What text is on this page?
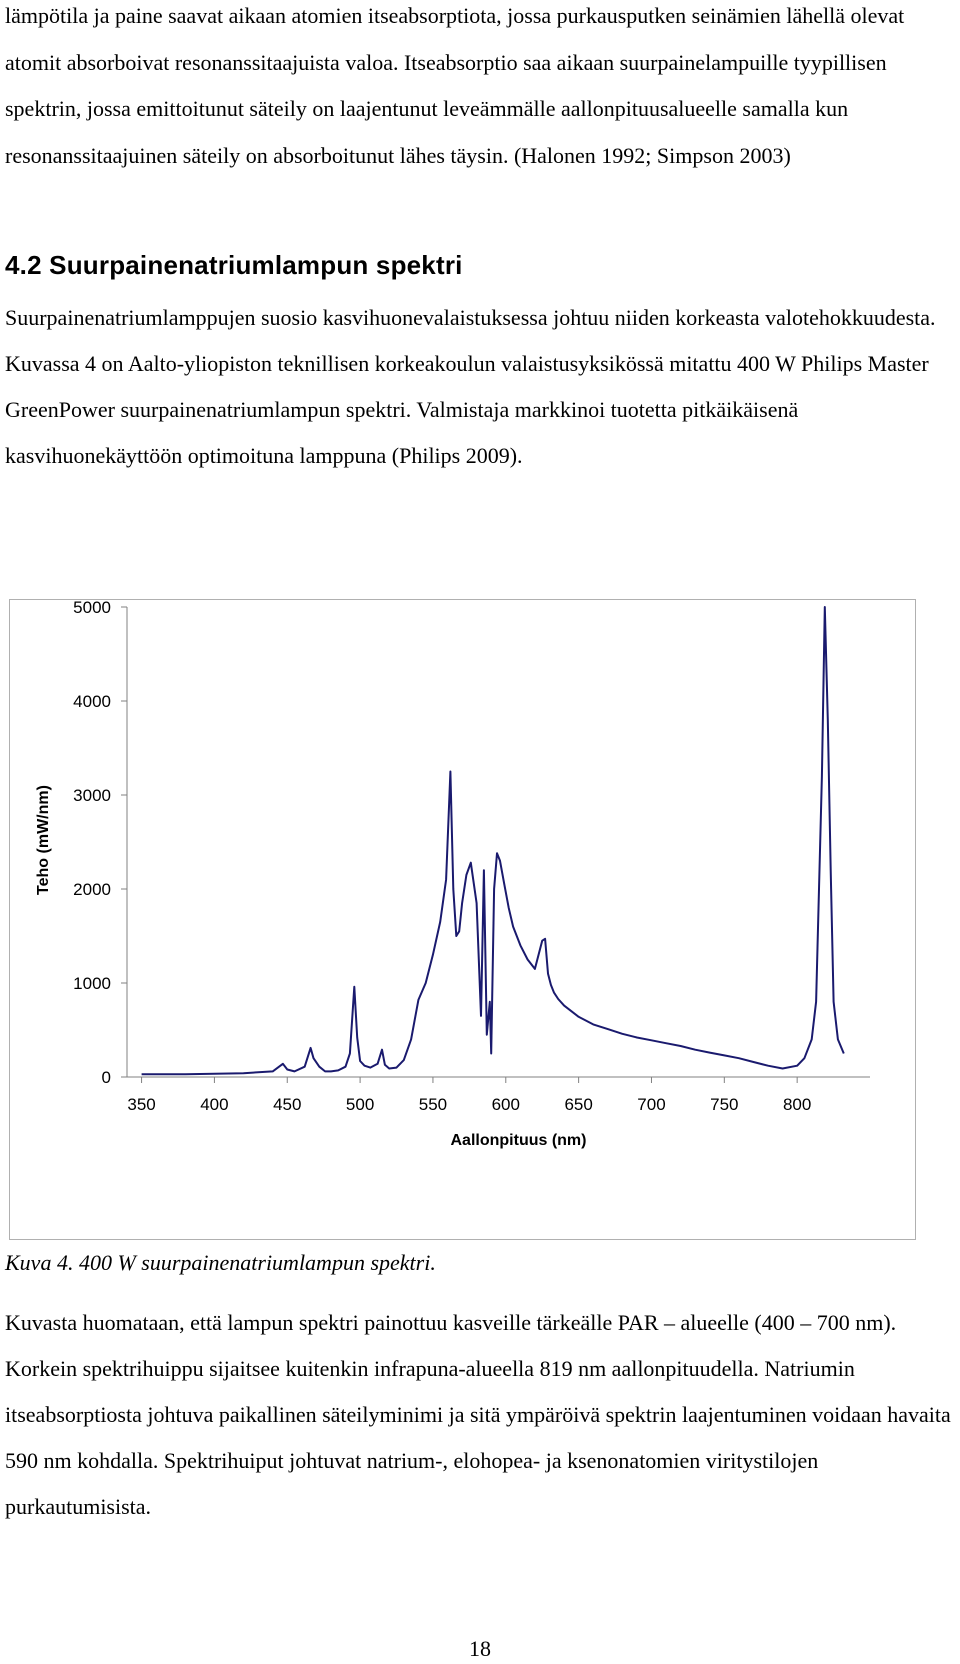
lämpötila ja paine saavat aikaan atomien itseabsorptiota, jossa purkausputken seinämien lähellä olevat atomit absorboivat resonanssitaajuista valoa. Itseabsorptio saa aikaan suurpainelampuille tyypillisen spektrin, jossa emittoitunut säteily on laajentunut leveämmälle aallonpituusalueelle samalla kun resonanssitaajuinen säteily on absorboitunut lähes täysin. (Halonen 1992; Simpson 2003)

4.2 Suurpainenatriumlampun spektri

Suurpainenatriumlamppujen suosio kasvihuonevalaistuksessa johtuu niiden korkeasta valotehokkuudesta. Kuvassa 4 on Aalto-yliopiston teknillisen korkeakoulun valaistusyksikössä mitattu 400 W Philips Master GreenPower suurpainenatriumlampun spektri. Valmistaja markkinoi tuotetta pitkäikäisenä kasvihuonekäyttöön optimoituna lamppuna (Philips 2009).

0
1000
2000
3000
4000
5000
350	400	450	500	550	600	650	700	750	800
Aallonpituus (nm)
Teho (mW/nm)

Kuva 4. 400 W suurpainenatriumlampun spektri.

Kuvasta huomataan, että lampun spektri painottuu kasveille tärkeälle PAR – alueelle (400 – 700 nm). Korkein spektrihuippu sijaitsee kuitenkin infrapuna-alueella 819 nm aallonpituudella. Natriumin itseabsorptiosta johtuva paikallinen säteilyminimi ja sitä ympäröivä spektrin laajentuminen voidaan havaita 590 nm kohdalla. Spektrihuiput johtuvat natrium-, elohopea- ja ksenonatomien viritystilojen purkautumisista.

18
